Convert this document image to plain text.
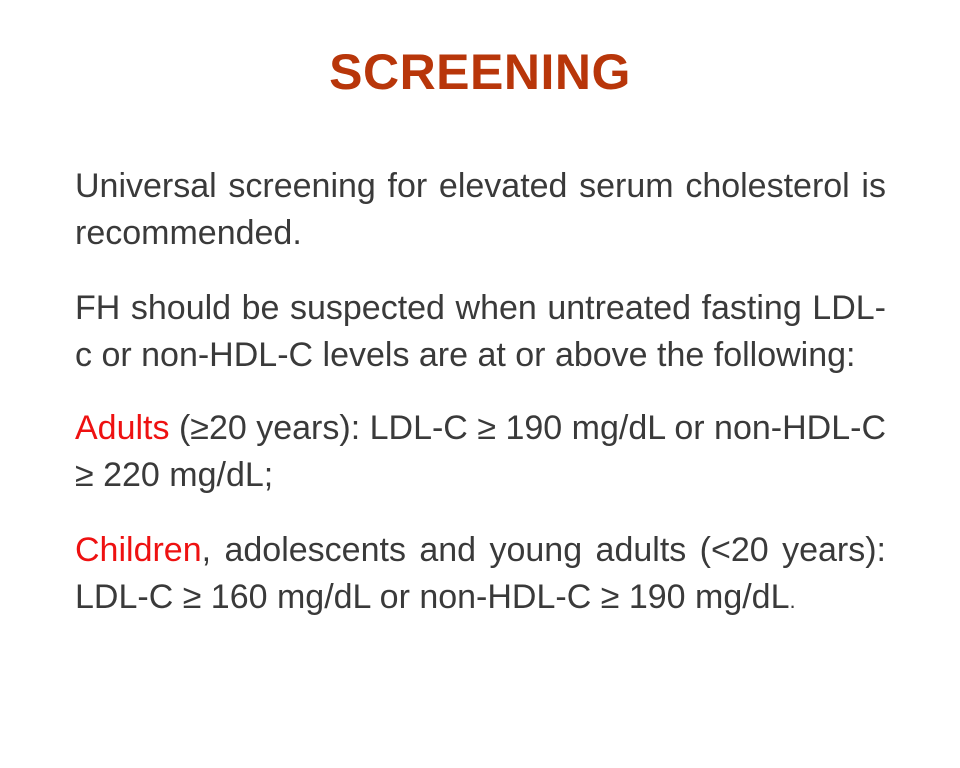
SCREENING

Universal screening for elevated serum cholesterol is recommended.

FH should be suspected when untreated fasting LDL-c or non-HDL-C levels are at or above the following:

Adults (≥20 years): LDL-C ≥ 190 mg/dL or non-HDL-C ≥ 220 mg/dL;

Children, adolescents and young adults (<20 years): LDL-C ≥ 160 mg/dL or non-HDL-C ≥ 190 mg/dL.
